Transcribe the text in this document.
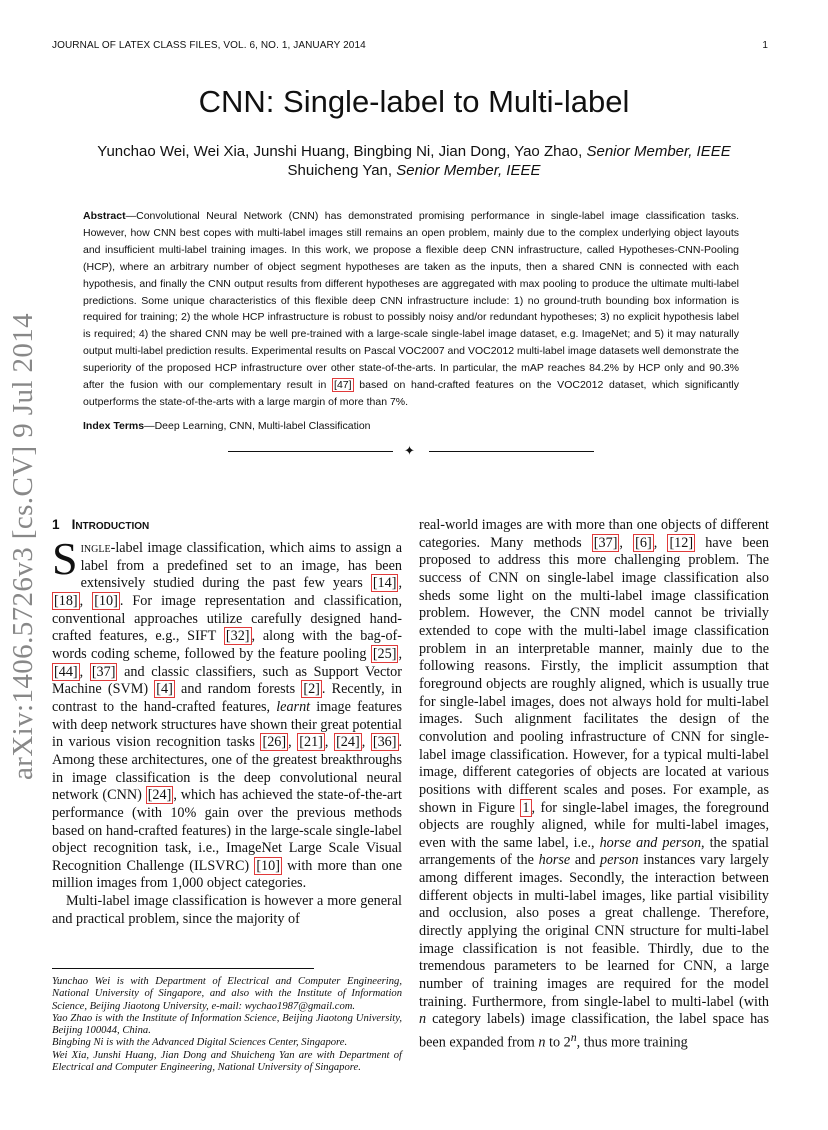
JOURNAL OF LATEX CLASS FILES, VOL. 6, NO. 1, JANUARY 2014	1
CNN: Single-label to Multi-label
Yunchao Wei, Wei Xia, Junshi Huang, Bingbing Ni, Jian Dong, Yao Zhao, Senior Member, IEEE
Shuicheng Yan, Senior Member, IEEE

Abstract—Convolutional Neural Network (CNN) has demonstrated promising performance in single-label image classification tasks. However, how CNN best copes with multi-label images still remains an open problem, mainly due to the complex underlying object layouts and insufficient multi-label training images. In this work, we propose a flexible deep CNN infrastructure, called Hypotheses-CNN-Pooling (HCP), where an arbitrary number of object segment hypotheses are taken as the inputs, then a shared CNN is connected with each hypothesis, and finally the CNN output results from different hypotheses are aggregated with max pooling to produce the ultimate multi-label predictions. Some unique characteristics of this flexible deep CNN infrastructure include: 1) no ground-truth bounding box information is required for training; 2) the whole HCP infrastructure is robust to possibly noisy and/or redundant hypotheses; 3) no explicit hypothesis label is required; 4) the shared CNN may be well pre-trained with a large-scale single-label image dataset, e.g. ImageNet; and 5) it may naturally output multi-label prediction results. Experimental results on Pascal VOC2007 and VOC2012 multi-label image datasets well demonstrate the superiority of the proposed HCP infrastructure over other state-of-the-arts. In particular, the mAP reaches 84.2% by HCP only and 90.3% after the fusion with our complementary result in [47] based on hand-crafted features on the VOC2012 dataset, which significantly outperforms the state-of-the-arts with a large margin of more than 7%.

Index Terms—Deep Learning, CNN, Multi-label Classification

✦
arXiv:1406.5726v3 [cs.CV] 9 Jul 2014 1 Introduction

Single-label image classification, which aims to assign a label from a predefined set to an image, has been extensively studied during the past few years [14] , [18] , [10] . For image representation and classification, conventional approaches utilize carefully designed hand-crafted features, e.g., SIFT [32] , along with the bag-of-words coding scheme, followed by the feature pooling [25] , [44] , [37] and classic classifiers, such as Support Vector Machine (SVM) [4] and random forests [2] . Recently, in contrast to the hand-crafted features, learnt image features with deep network structures have shown their great potential in various vision recognition tasks [26] , [21] , [24] , [36] . Among these architectures, one of the greatest breakthroughs in image classification is the deep convolutional neural network (CNN) [24] , which has achieved the state-of-the-art performance (with 10% gain over the previous methods based on hand-crafted features) in the large-scale single-label object recognition task, i.e., ImageNet Large Scale Visual Recognition Challenge (ILSVRC) [10] with more than one million images from 1,000 object categories.

Multi-label image classification is however a more general and practical problem, since the majority of

Yunchao Wei is with Department of Electrical and Computer Engineering, National University of Singapore, and also with the Institute of Information Science, Beijing Jiaotong University, e-mail: wychao1987@gmail.com.

Yao Zhao is with the Institute of Information Science, Beijing Jiaotong University, Beijing 100044, China.

Bingbing Ni is with the Advanced Digital Sciences Center, Singapore.

Wei Xia, Junshi Huang, Jian Dong and Shuicheng Yan are with Department of Electrical and Computer Engineering, National University of Singapore.

real-world images are with more than one objects of different categories. Many methods [37] , [6] , [12] have been proposed to address this more challenging problem. The success of CNN on single-label image classification also sheds some light on the multi-label image classification problem. However, the CNN model cannot be trivially extended to cope with the multi-label image classification problem in an interpretable manner, mainly due to the following reasons. Firstly, the implicit assumption that foreground objects are roughly aligned, which is usually true for single-label images, does not always hold for multi-label images. Such alignment facilitates the design of the convolution and pooling infrastructure of CNN for single-label image classification. However, for a typical multi-label image, different categories of objects are located at various positions with different scales and poses. For example, as shown in Figure 1 , for single-label images, the foreground objects are roughly aligned, while for multi-label images, even with the same label, i.e., horse and person, the spatial arrangements of the horse and person instances vary largely among different images. Secondly, the interaction between different objects in multi-label images, like partial visibility and occlusion, also poses a great challenge. Therefore, directly applying the original CNN structure for multi-label image classification is not feasible. Thirdly, due to the tremendous parameters to be learned for CNN, a large number of training images are required for the model training. Furthermore, from single-label to multi-label (with n category labels) image classification, the label space has been expanded from n to 2$^n$, thus more training
